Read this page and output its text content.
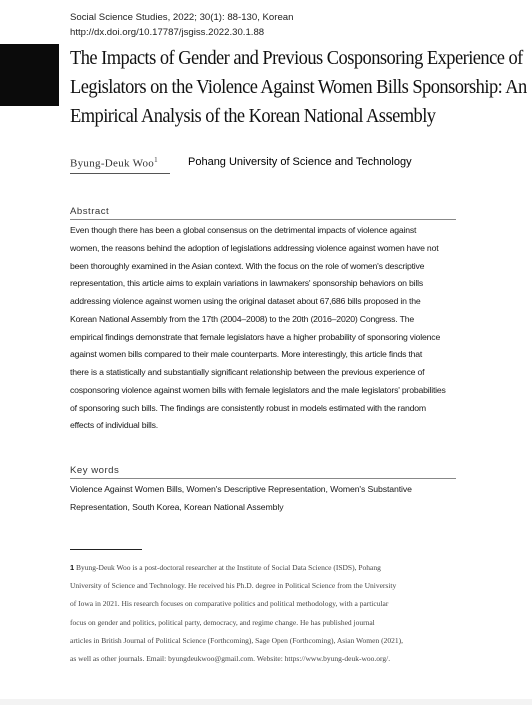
Social Science Studies, 2022; 30(1): 88-130, Korean
http://dx.doi.org/10.17787/jsgiss.2022.30.1.88
The Impacts of Gender and Previous Cosponsoring Experience of
Legislators on the Violence Against Women Bills Sponsorship: An
Empirical Analysis of the Korean National Assembly
Byung-Deuk Woo$^1$	Pohang University of Science and Technology
Abstract

Even though there has been a global consensus on the detrimental impacts of violence against
women, the reasons behind the adoption of legislations addressing violence against women have not
been thoroughly examined in the Asian context. With the focus on the role of women's descriptive
representation, this article aims to explain variations in lawmakers' sponsorship behaviors on bills
addressing violence against women using the original dataset about 67,686 bills proposed in the
Korean National Assembly from the 17th (2004–2008) to the 20th (2016–2020) Congress. The
empirical findings demonstrate that female legislators have a higher probability of sponsoring violence
against women bills compared to their male counterparts. More interestingly, this article finds that
there is a statistically and substantially significant relationship between the previous experience of
cosponsoring violence against women bills with female legislators and the male legislators' probabilities
of sponsoring such bills. The findings are consistently robust in models estimated with the random
effects of individual bills.

Key words

Violence Against Women Bills, Women's Descriptive Representation, Women's Substantive
Representation, South Korea, Korean National Assembly

1 Byung-Deuk Woo is a post-doctoral researcher at the Institute of Social Data Science (ISDS), Pohang
University of Science and Technology. He received his Ph.D. degree in Political Science from the University
of Iowa in 2021. His research focuses on comparative politics and political methodology, with a particular
focus on gender and politics, political party, democracy, and regime change. He has published journal
articles in British Journal of Political Science (Forthcoming), Sage Open (Forthcoming), Asian Women (2021),
as well as other journals. Email: byungdeukwoo@gmail.com. Website: https://www.byung-deuk-woo.org/.
